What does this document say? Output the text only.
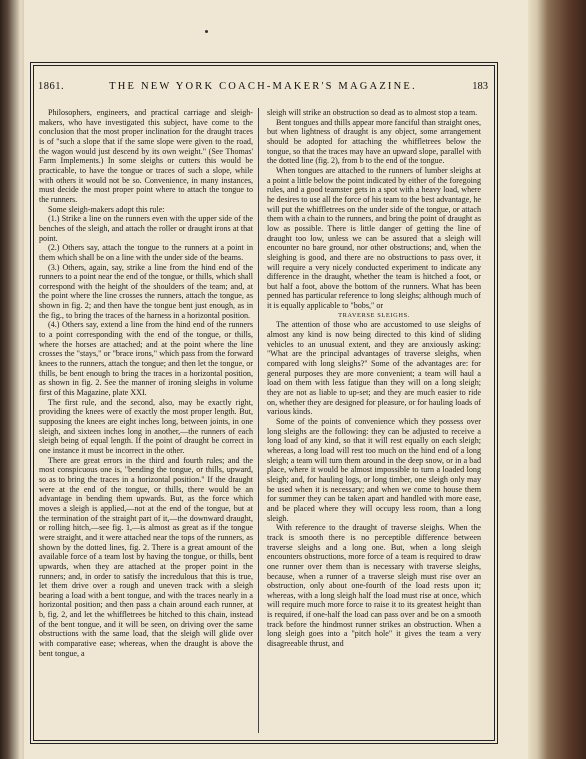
1861.	THE NEW YORK COACH-MAKER'S MAGAZINE.	183

Philosophers, engineers, and practical carriage and sleigh-makers, who have investigated this subject, have come to the conclusion that the most proper inclination for the draught traces is of "such a slope that if the same slope were given to the road, the wagon would just descend by its own weight." (See Thomas' Farm Implements.) In some sleighs or cutters this would be practicable, to have the tongue or traces of such a slope, while with others it would not be so. Convenience, in many instances, must decide the most proper point where to attach the tongue to the runners.

Some sleigh-makers adopt this rule:

(1.) Strike a line on the runners even with the upper side of the benches of the sleigh, and attach the roller or draught irons at that point.

(2.) Others say, attach the tongue to the runners at a point in them which shall be on a line with the under side of the beams.

(3.) Others, again, say, strike a line from the hind end of the runners to a point near the end of the tongue, or thills, which shall correspond with the height of the shoulders of the team; and, at the point where the line crosses the runners, attach the tongue, as shown in fig. 2; and then have the tongue bent just enough, as in the fig., to bring the traces of the harness in a horizontal position.

(4.) Others say, extend a line from the hind end of the runners to a point corresponding with the end of the tongue, or thills, where the horses are attached; and at the point where the line crosses the "stays," or "brace irons," which pass from the forward knees to the runners, attach the tongue; and then let the tongue, or thills, be bent enough to bring the traces in a horizontal position, as shown in fig. 2. See the manner of ironing sleighs in volume first of this Magazine, plate XXI.

The first rule, and the second, also, may be exactly right, providing the knees were of exactly the most proper length. But, supposing the knees are eight inches long, between joints, in one sleigh, and sixteen inches long in another,—the runners of each sleigh being of equal length. If the point of draught be correct in one instance it must be incorrect in the other.

There are great errors in the third and fourth rules; and the most conspicuous one is, "bending the tongue, or thills, upward, so as to bring the traces in a horizontal position." If the draught were at the end of the tongue, or thills, there would be an advantage in bending them upwards. But, as the force which moves a sleigh is applied,—not at the end of the tongue, but at the termination of the straight part of it,—the downward draught, or rolling hitch,—see fig. 1,—is almost as great as if the tongue were straight, and it were attached near the tops of the runners, as shown by the dotted lines, fig. 2. There is a great amount of the available force of a team lost by having the tongue, or thills, bent upwards, when they are attached at the proper point in the runners; and, in order to satisfy the incredulous that this is true, let them drive over a rough and uneven track with a sleigh bearing a load with a bent tongue, and with the traces nearly in a horizontal position; and then pass a chain around each runner, at b, fig. 2, and let the whiffletrees be hitched to this chain, instead of the bent tongue, and it will be seen, on driving over the same obstructions with the same load, that the sleigh will glide over with comparative ease; whereas, when the draught is above the bent tongue, a

sleigh will strike an obstruction so dead as to almost stop a team.

Bent tongues and thills appear more fanciful than straight ones, but when lightness of draught is any object, some arrangement should be adopted for attaching the whiffletrees below the tongue, so that the traces may have an upward slope, parallel with the dotted line (fig. 2), from b to the end of the tongue.

When tongues are attached to the runners of lumber sleighs at a point a little below the point indicated by either of the foregoing rules, and a good teamster gets in a spot with a heavy load, where he desires to use all the force of his team to the best advantage, he will put the whiffletrees on the under side of the tongue, or attach them with a chain to the runners, and bring the point of draught as low as possible. There is little danger of getting the line of draught too low, unless we can be assured that a sleigh will encounter no bare ground, nor other obstructions; and, when the sleighing is good, and there are no obstructions to pass over, it will require a very nicely conducted experiment to indicate any difference in the draught, whether the team is hitched a foot, or but half a foot, above the bottom of the runners. What has been penned has particular reference to long sleighs; although much of it is equally applicable to "bobs," or

TRAVERSE SLEIGHS.

The attention of those who are accustomed to use sleighs of almost any kind is now being directed to this kind of sliding vehicles to an unusual extent, and they are anxiously asking: "What are the principal advantages of traverse sleighs, when compared with long sleighs?" Some of the advantages are: for general purposes they are more convenient; a team will haul a load on them with less fatigue than they will on a long sleigh; they are not as liable to up-set; and they are much easier to ride on, whether they are designed for pleasure, or for hauling loads of various kinds.

Some of the points of convenience which they possess over long sleighs are the following: they can be adjusted to receive a long load of any kind, so that it will rest equally on each sleigh; whereas, a long load will rest too much on the hind end of a long sleigh; a team will turn them around in the deep snow, or in a bad place, where it would be almost impossible to turn a loaded long sleigh; and, for hauling logs, or long timber, one sleigh only may be used when it is necessary; and when we come to house them for summer they can be taken apart and handled with more ease, and be placed where they will occupy less room, than a long sleigh.

With reference to the draught of traverse sleighs. When the track is smooth there is no perceptible difference between traverse sleighs and a long one. But, when a long sleigh encounters obstructions, more force of a team is required to draw one runner over them than is necessary with traverse sleighs, because, when a runner of a traverse sleigh must rise over an obstruction, only about one-fourth of the load rests upon it; whereas, with a long sleigh half the load must rise at once, which will require much more force to raise it to its greatest height than is required, if one-half the load can pass over and be on a smooth track before the hindmost runner strikes an obstruction. When a long sleigh goes into a "pitch hole" it gives the team a very disagreeable thrust, and
